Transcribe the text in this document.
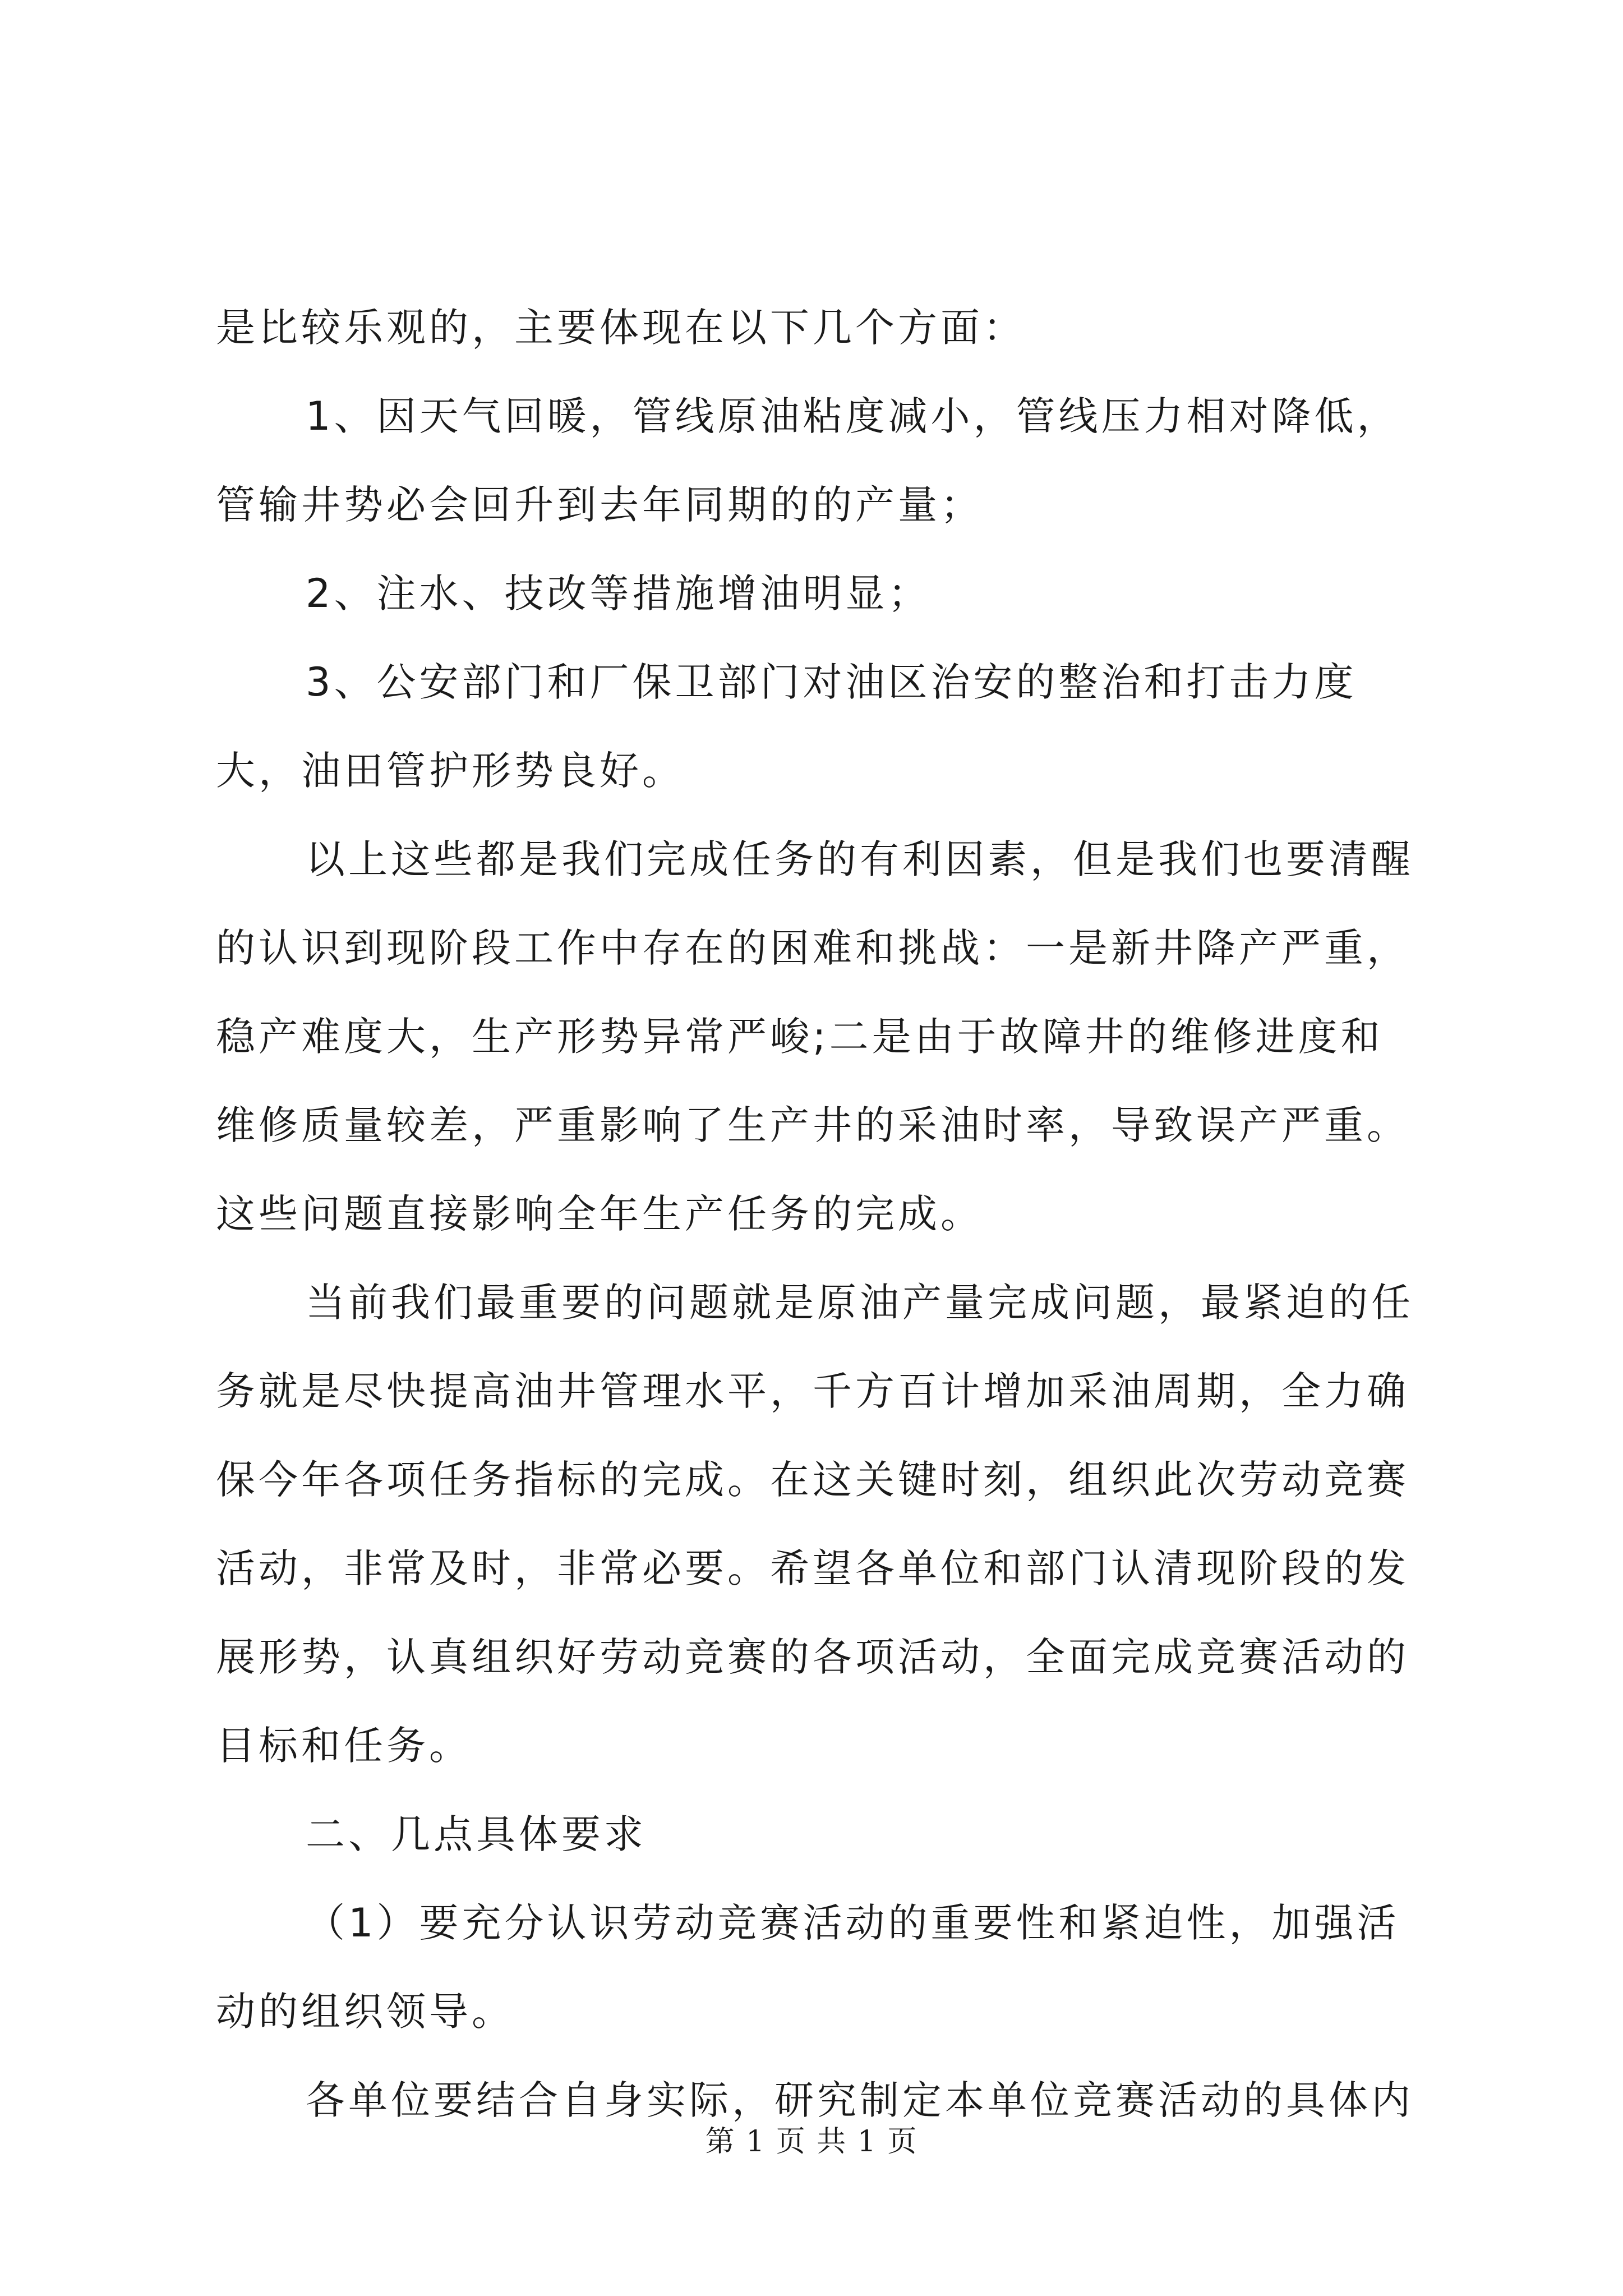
是比较乐观的，主要体现在以下几个方面：

1、因天气回暖，管线原油粘度减小，管线压力相对降低，管输井势必会回升到去年同期的的产量；

2、注水、技改等措施增油明显；

3、公安部门和厂保卫部门对油区治安的整治和打击力度大，油田管护形势良好。

以上这些都是我们完成任务的有利因素，但是我们也要清醒的认识到现阶段工作中存在的困难和挑战：一是新井降产严重，稳产难度大，生产形势异常严峻;二是由于故障井的维修进度和维修质量较差，严重影响了生产井的采油时率，导致误产严重。这些问题直接影响全年生产任务的完成。

当前我们最重要的问题就是原油产量完成问题，最紧迫的任务就是尽快提高油井管理水平，千方百计增加采油周期，全力确保今年各项任务指标的完成。在这关键时刻，组织此次劳动竞赛活动，非常及时，非常必要。希望各单位和部门认清现阶段的发展形势，认真组织好劳动竞赛的各项活动，全面完成竞赛活动的目标和任务。

二、几点具体要求

（1）要充分认识劳动竞赛活动的重要性和紧迫性，加强活动的组织领导。

各单位要结合自身实际，研究制定本单位竞赛活动的具体内

第 1 页 共 1 页
